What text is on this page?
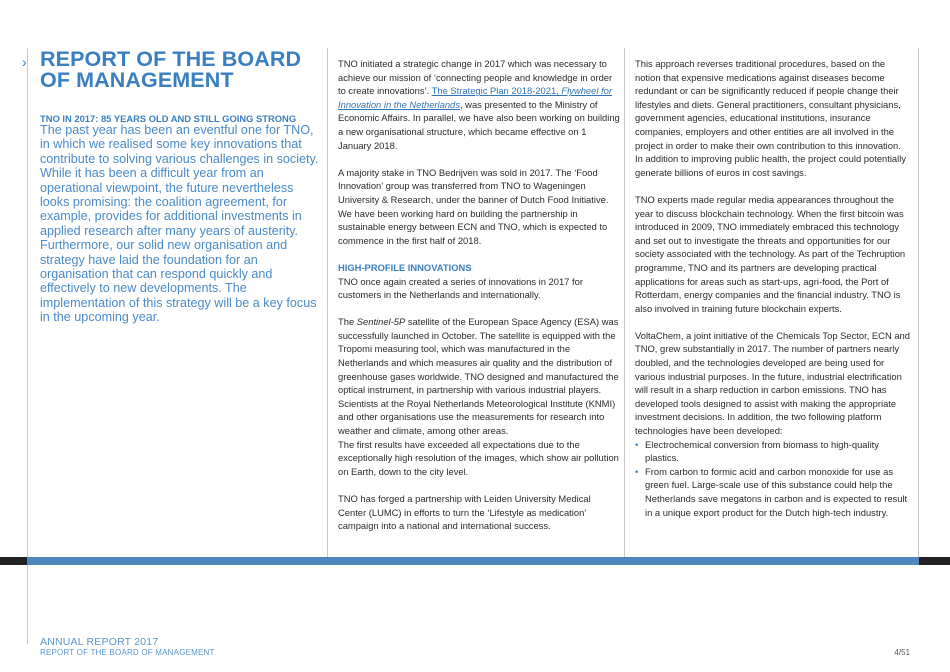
› REPORT OF THE BOARD
OF MANAGEMENT
TNO IN 2017: 85 YEARS OLD AND STILL GOING STRONG
The past year has been an eventful one for TNO, in which we realised some key innovations that contribute to solving various challenges in society. While it has been a difficult year from an operational viewpoint, the future nevertheless looks promising: the coalition agreement, for example, provides for additional investments in applied research after many years of austerity. Furthermore, our solid new organisation and strategy have laid the foundation for an organisation that can respond quickly and effectively to new developments. The implementation of this strategy will be a key focus in the upcoming year.

TNO initiated a strategic change in 2017 which was necessary to achieve our mission of ‘connecting people and knowledge in order to create innovations’. The Strategic Plan 2018-2021, Flywheel for Innovation in the Netherlands, was presented to the Ministry of Economic Affairs. In parallel, we have also been working on building a new organisational structure, which became effective on 1 January 2018.

A majority stake in TNO Bedrijven was sold in 2017. The ‘Food Innovation’ group was transferred from TNO to Wageningen University & Research, under the banner of Dutch Food Initiative. We have been working hard on building the partnership in sustainable energy between ECN and TNO, which is expected to commence in the first half of 2018.

HIGH-PROFILE INNOVATIONS

TNO once again created a series of innovations in 2017 for customers in the Netherlands and internationally.

The Sentinel-5P satellite of the European Space Agency (ESA) was successfully launched in October. The satellite is equipped with the Tropomi measuring tool, which was manufactured in the Netherlands and which measures air quality and the distribution of greenhouse gases worldwide. TNO designed and manufactured the optical instrument, in partnership with various industrial players. Scientists at the Royal Netherlands Meteorological Institute (KNMI) and other organisations use the measurements for research into weather and climate, among other areas.

The first results have exceeded all expectations due to the exceptionally high resolution of the images, which show air pollution on Earth, down to the city level.

TNO has forged a partnership with Leiden University Medical Center (LUMC) in efforts to turn the ‘Lifestyle as medication’ campaign into a national and international success.

This approach reverses traditional procedures, based on the notion that expensive medications against diseases become redundant or can be significantly reduced if people change their lifestyles and diets. General practitioners, consultant physicians, government agencies, educational institutions, insurance companies, employers and other entities are all involved in the project in order to make their own contribution to this innovation. In addition to improving public health, the project could potentially generate billions of euros in cost savings.

TNO experts made regular media appearances throughout the year to discuss blockchain technology. When the first bitcoin was introduced in 2009, TNO immediately embraced this technology and set out to investigate the threats and opportunities for our society associated with the technology. As part of the Techruption programme, TNO and its partners are developing practical applications for areas such as start-ups, agri-food, the Port of Rotterdam, energy companies and the financial industry. TNO is also involved in training future blockchain experts.

VoltaChem, a joint initiative of the Chemicals Top Sector, ECN and TNO, grew substantially in 2017. The number of partners nearly doubled, and the technologies developed are being used for various industrial purposes. In the future, industrial electrification will result in a sharp reduction in carbon emissions. TNO has developed tools designed to assist with making the appropriate investment decisions. In addition, the two following platform technologies have been developed:

• Electrochemical conversion from biomass to high-quality plastics.
• From carbon to formic acid and carbon monoxide for use as green fuel. Large-scale use of this substance could help the Netherlands save megatons in carbon and is expected to result in a unique export product for the Dutch high-tech industry.
ANNUAL REPORT 2017
REPORT OF THE BOARD OF MANAGEMENT	4/51
